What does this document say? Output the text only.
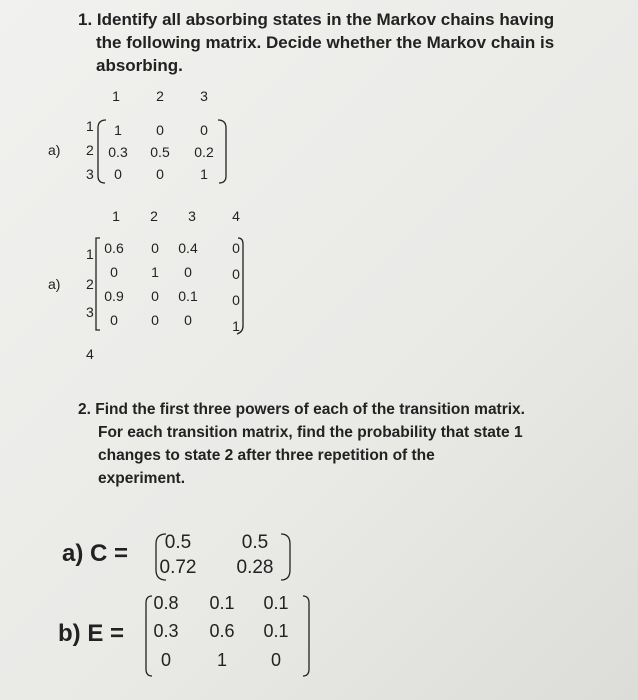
1. Identify all absorbing states in the Markov chains having
the following matrix. Decide whether the Markov chain is
absorbing.
1	2	3
a)
1
2
3
1	0	0
0.3	0.5	0.2
0	0	1
1	2	3	4
a)
1
2
3
4
0.6	0	0.4	0
0	1	0	0
0.9	0	0.1	0
0	0	0	1
2. Find the first three powers of each of the transition matrix.
For each transition matrix, find the probability that state 1
changes to state 2 after three repetition of the
experiment.
a) C =	0.5	0.5
0.72	0.28
b) E =
0.8	0.1	0.1
0.3	0.6	0.1
0	1	0
